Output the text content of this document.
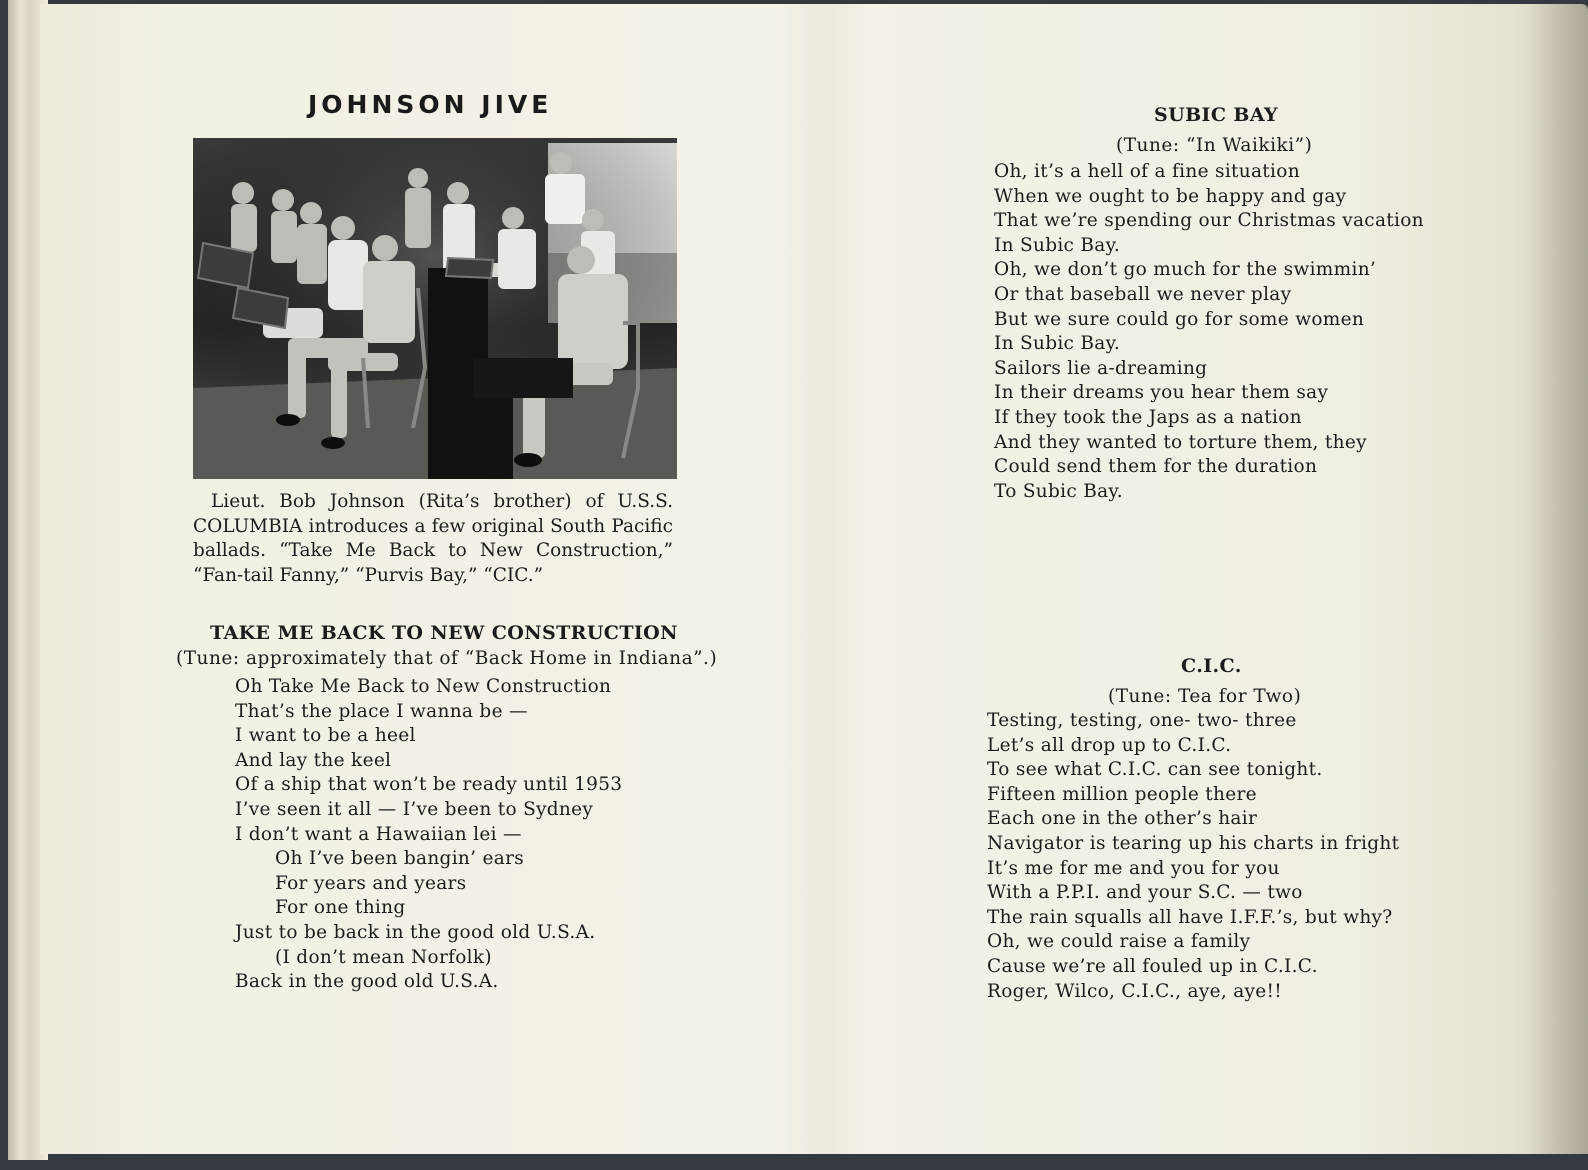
JOHNSON JIVE

Lieut. Bob Johnson (Rita’s brother) of U.S.S. COLUMBIA introduces a few original South Pacific ballads. “Take Me Back to New Construction,” “Fan-tail Fanny,” “Purvis Bay,” “CIC.”

TAKE ME BACK TO NEW CONSTRUCTION
(Tune: approximately that of “Back Home in Indiana”.)
Oh Take Me Back to New Construction
That’s the place I wanna be —
I want to be a heel
And lay the keel
Of a ship that won’t be ready until 1953
I’ve seen it all — I’ve been to Sydney
I don’t want a Hawaiian lei —
Oh I’ve been bangin’ ears
For years and years
For one thing
Just to be back in the good old U.S.A.
(I don’t mean Norfolk)
Back in the good old U.S.A.
SUBIC BAY
(Tune: “In Waikiki”)
Oh, it’s a hell of a fine situation
When we ought to be happy and gay
That we’re spending our Christmas vacation
In Subic Bay.
Oh, we don’t go much for the swimmin’
Or that baseball we never play
But we sure could go for some women
In Subic Bay.
Sailors lie a-dreaming
In their dreams you hear them say
If they took the Japs as a nation
And they wanted to torture them, they
Could send them for the duration
To Subic Bay.
C.I.C.
(Tune: Tea for Two)
Testing, testing, one- two- three
Let’s all drop up to C.I.C.
To see what C.I.C. can see tonight.
Fifteen million people there
Each one in the other’s hair
Navigator is tearing up his charts in fright
It’s me for me and you for you
With a P.P.I. and your S.C. — two
The rain squalls all have I.F.F.’s, but why?
Oh, we could raise a family
Cause we’re all fouled up in C.I.C.
Roger, Wilco, C.I.C., aye, aye!!
